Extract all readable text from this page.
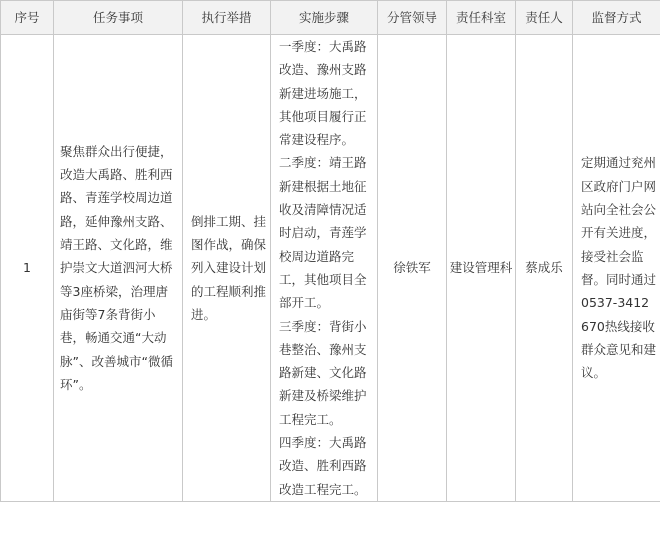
序号	任务事项	执行举措	实施步骤	分管领导	责任科室	责任人	监督方式
1	聚焦群众出行便捷，改造大禹路、胜利西路、青莲学校周边道路，延伸豫州支路、靖王路、文化路，维护崇文大道泗河大桥等3座桥梁，治理唐庙街等7条背街小巷，畅通交通“大动脉”、改善城市“微循环”。	倒排工期、挂图作战，确保列入建设计划的工程顺利推进。	一季度：大禹路改造、豫州支路新建进场施工，其他项目履行正常建设程序。
二季度：靖王路新建根据土地征收及清障情况适时启动，青莲学校周边道路完工，其他项目全部开工。
三季度：背街小巷整治、豫州支路新建、文化路新建及桥梁维护工程完工。
四季度：大禹路改造、胜利西路改造工程完工。	徐铁军	建设管理科	蔡成乐	定期通过兖州区政府门户网站向全社会公开有关进度，接受社会监督。同时通过0537-3412670热线接收群众意见和建议。
